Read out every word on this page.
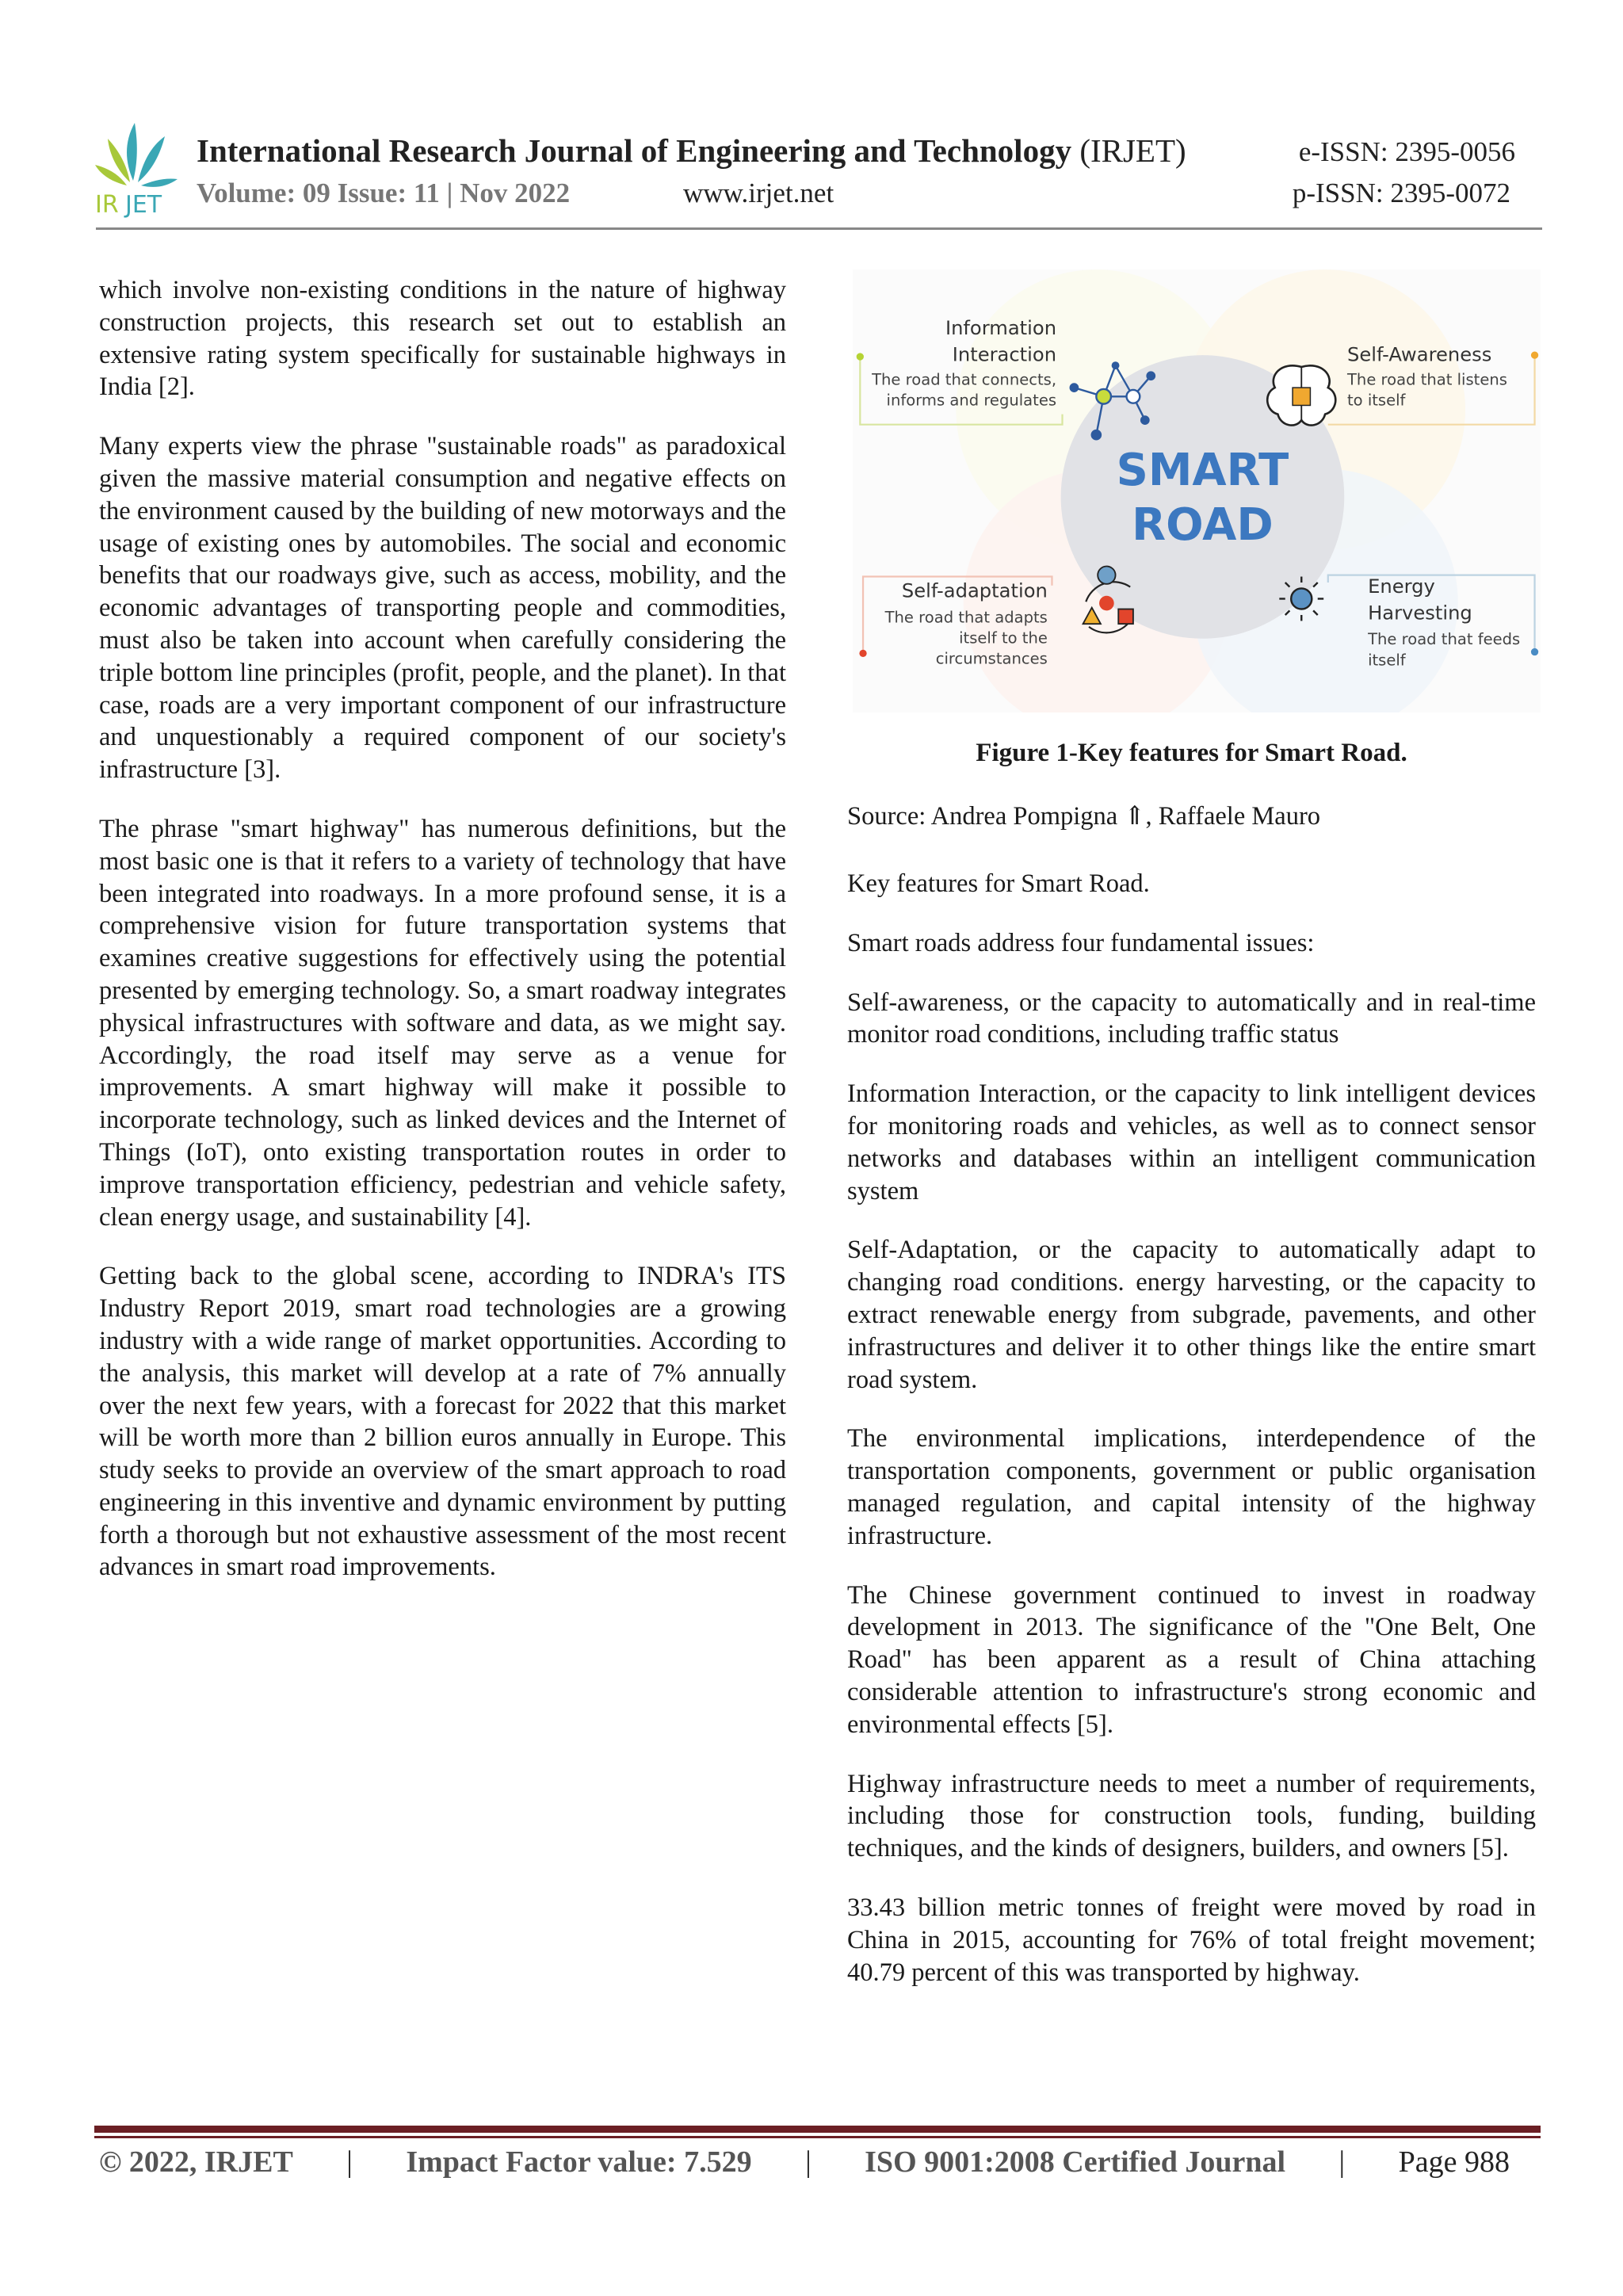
IR JET
International Research Journal of Engineering and Technology (IRJET)	e-ISSN: 2395-0056
Volume: 09 Issue: 11 | Nov 2022	www.irjet.net	p-ISSN: 2395-0072

which involve non-existing conditions in the nature of highway construction projects, this research set out to establish an extensive rating system specifically for sustainable highways in India [2].

Many experts view the phrase "sustainable roads" as paradoxical given the massive material consumption and negative effects on the environment caused by the building of new motorways and the usage of existing ones by automobiles. The social and economic benefits that our roadways give, such as access, mobility, and the economic advantages of transporting people and commodities, must also be taken into account when carefully considering the triple bottom line principles (profit, people, and the planet). In that case, roads are a very important component of our infrastructure and unquestionably a required component of our society's infrastructure [3].

The phrase "smart highway" has numerous definitions, but the most basic one is that it refers to a variety of technology that have been integrated into roadways. In a more profound sense, it is a comprehensive vision for future transportation systems that examines creative suggestions for effectively using the potential presented by emerging technology. So, a smart roadway integrates physical infrastructures with software and data, as we might say. Accordingly, the road itself may serve as a venue for improvements. A smart highway will make it possible to incorporate technology, such as linked devices and the Internet of Things (IoT), onto existing transportation routes in order to improve transportation efficiency, pedestrian and vehicle safety, clean energy usage, and sustainability [4].

Getting back to the global scene, according to INDRA's ITS Industry Report 2019, smart road technologies are a growing industry with a wide range of market opportunities. According to the analysis, this market will develop at a rate of 7% annually over the next few years, with a forecast for 2022 that this market will be worth more than 2 billion euros annually in Europe. This study seeks to provide an overview of the smart approach to road engineering in this inventive and dynamic environment by putting forth a thorough but not exhaustive assessment of the most recent advances in smart road improvements.

SMART
ROAD
Information
Interaction
The road that connects,
informs and regulates
Self-Awareness
The road that listens
to itself
Self-adaptation
The road that adapts
itself to the
circumstances
Energy
Harvesting
The road that feeds
itself
Figure 1-Key features for Smart Road.
Source: Andrea Pompigna ⇑, Raffaele Mauro

Key features for Smart Road.

Smart roads address four fundamental issues:

Self-awareness, or the capacity to automatically and in real-time monitor road conditions, including traffic status

Information Interaction, or the capacity to link intelligent devices for monitoring roads and vehicles, as well as to connect sensor networks and databases within an intelligent communication system

Self-Adaptation, or the capacity to automatically adapt to changing road conditions. energy harvesting, or the capacity to extract renewable energy from subgrade, pavements, and other infrastructures and deliver it to other things like the entire smart road system.

The environmental implications, interdependence of the transportation components, government or public organisation managed regulation, and capital intensity of the highway infrastructure.

The Chinese government continued to invest in roadway development in 2013. The significance of the "One Belt, One Road" has been apparent as a result of China attaching considerable attention to infrastructure's strong economic and environmental effects [5].

Highway infrastructure needs to meet a number of requirements, including those for construction tools, funding, building techniques, and the kinds of designers, builders, and owners [5].

33.43 billion metric tonnes of freight were moved by road in China in 2015, accounting for 76% of total freight movement; 40.79 percent of this was transported by highway.

© 2022, IRJET | Impact Factor value: 7.529 | ISO 9001:2008 Certified Journal | Page 988
